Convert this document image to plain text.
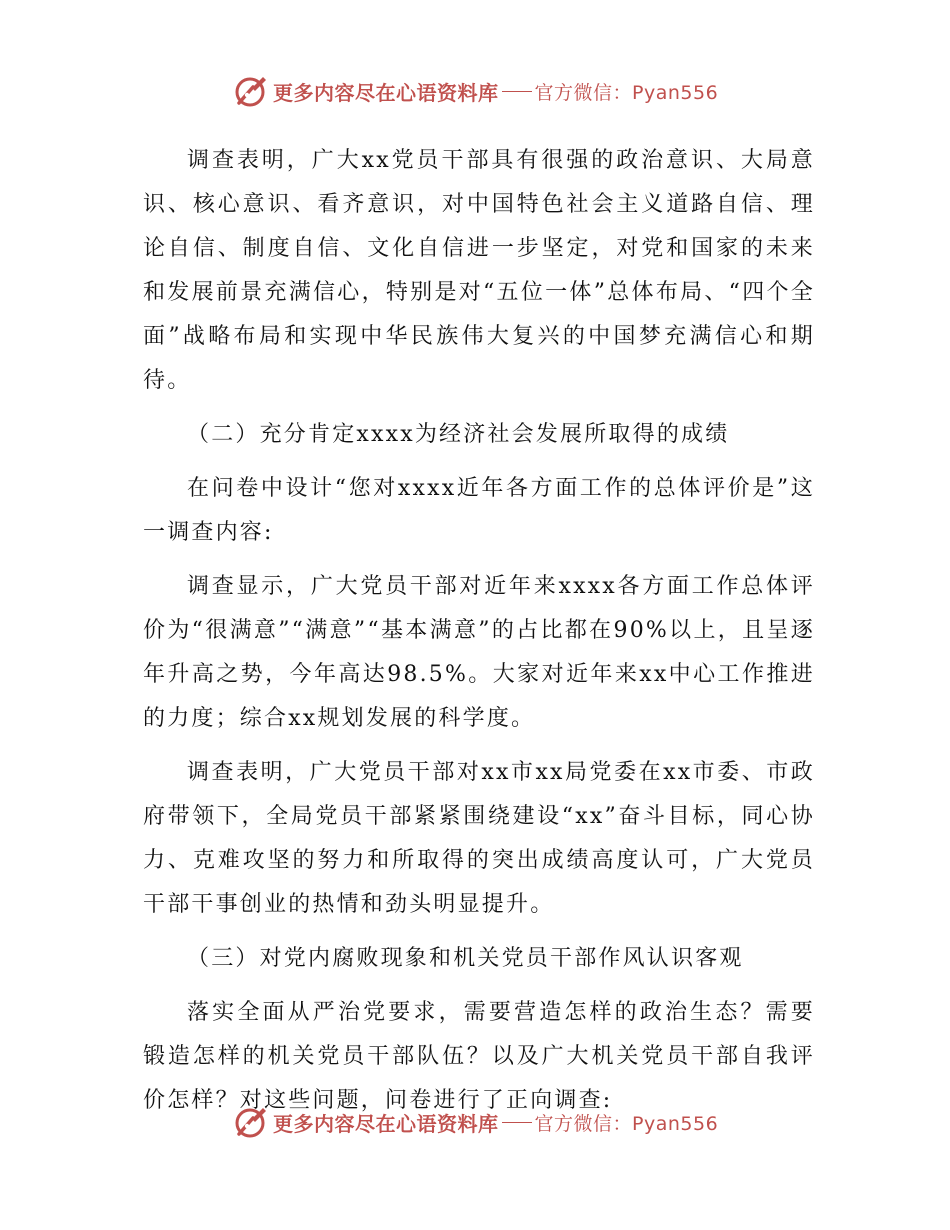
更多内容尽在心语资料库 官方微信：Pyan556

调查表明，广大xx党员干部具有很强的政治意识、大局意识、核心意识、看齐意识，对中国特色社会主义道路自信、理论自信、制度自信、文化自信进一步坚定，对党和国家的未来和发展前景充满信心，特别是对“五位一体”总体布局、“四个全面”战略布局和实现中华民族伟大复兴的中国梦充满信心和期待。

（二）充分肯定xxxx为经济社会发展所取得的成绩

在问卷中设计“您对xxxx近年各方面工作的总体评价是”这一调查内容:

调查显示，广大党员干部对近年来xxxx各方面工作总体评价为“很满意”“满意”“基本满意”的占比都在90%以上，且呈逐年升高之势，今年高达98.5%。大家对近年来xx中心工作推进的力度；综合xx规划发展的科学度。

调查表明，广大党员干部对xx市xx局党委在xx市委、市政府带领下，全局党员干部紧紧围绕建设“xx”奋斗目标，同心协力、克难攻坚的努力和所取得的突出成绩高度认可，广大党员干部干事创业的热情和劲头明显提升。

（三）对党内腐败现象和机关党员干部作风认识客观

落实全面从严治党要求，需要营造怎样的政治生态？需要锻造怎样的机关党员干部队伍？以及广大机关党员干部自我评价怎样？对这些问题，问卷进行了正向调查:

更多内容尽在心语资料库 官方微信：Pyan556
